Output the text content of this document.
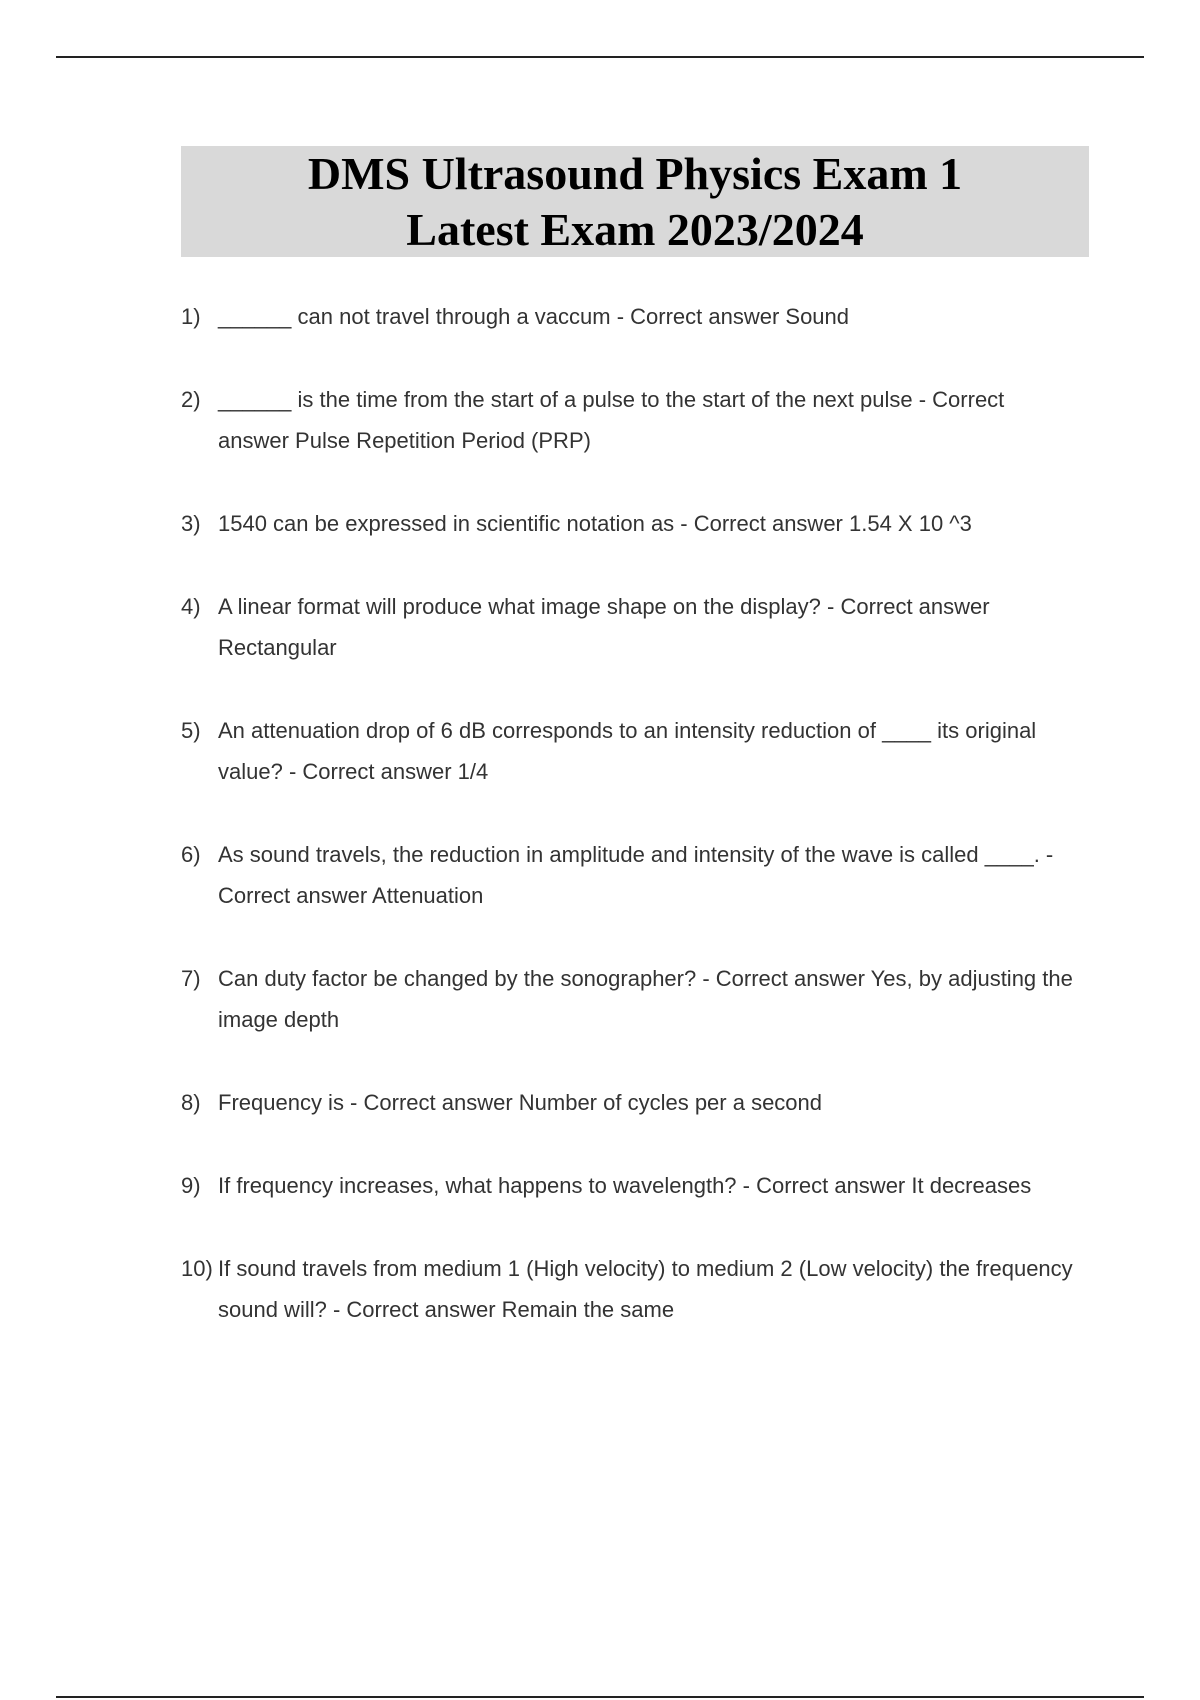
DMS Ultrasound Physics Exam 1
Latest Exam 2023/2024
1) ______ can not travel through a vaccum - Correct answer Sound
2) ______ is the time from the start of a pulse to the start of the next pulse - Correct answer Pulse Repetition Period (PRP)
3) 1540 can be expressed in scientific notation as - Correct answer 1.54 X 10 ^3
4) A linear format will produce what image shape on the display? - Correct answer Rectangular
5) An attenuation drop of 6 dB corresponds to an intensity reduction of ____ its original value? - Correct answer 1/4
6) As sound travels, the reduction in amplitude and intensity of the wave is called ____. - Correct answer Attenuation
7) Can duty factor be changed by the sonographer? - Correct answer Yes, by adjusting the image depth
8) Frequency is - Correct answer Number of cycles per a second
9) If frequency increases, what happens to wavelength? - Correct answer It decreases
10) If sound travels from medium 1 (High velocity) to medium 2 (Low velocity) the frequency sound will? - Correct answer Remain the same
